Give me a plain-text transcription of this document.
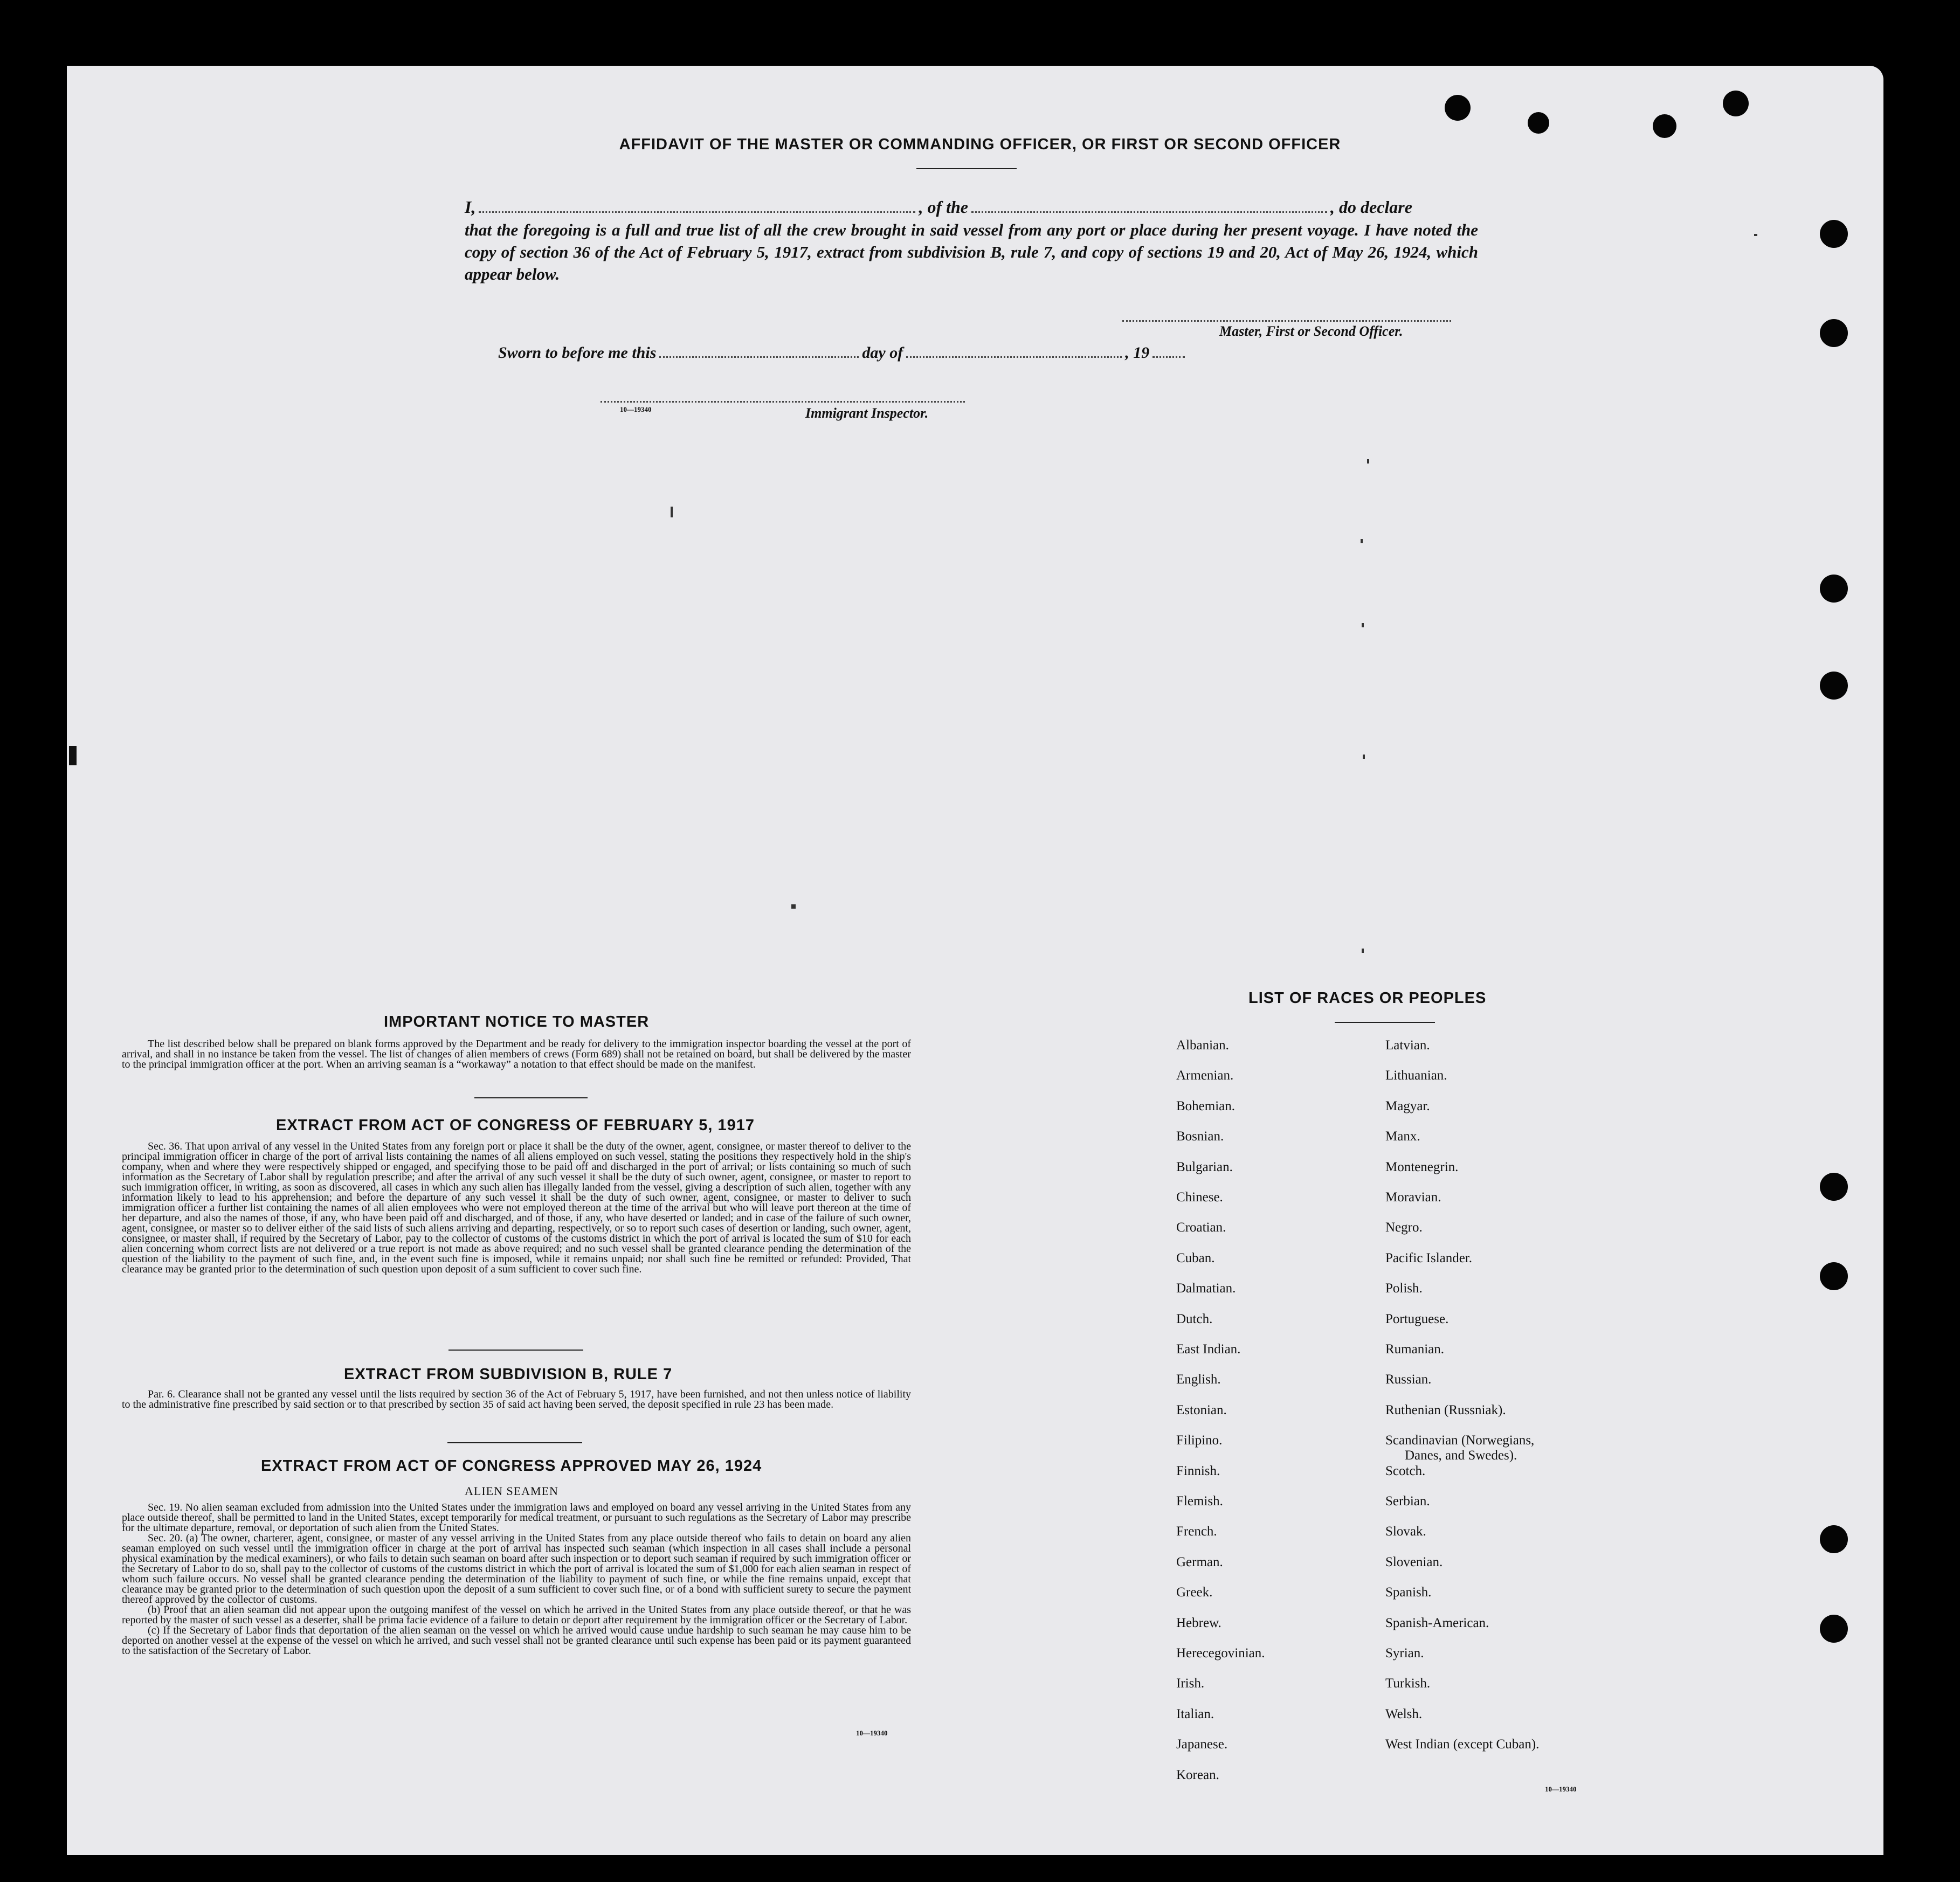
AFFIDAVIT OF THE MASTER OR COMMANDING OFFICER, OR FIRST OR SECOND OFFICER
I,	, of the	, do declare
that the foregoing is a full and true list of all the crew brought in said vessel from any port or place during her present voyage. I have noted the copy of section 36 of the Act of February 5, 1917, extract from subdivision B, rule 7, and copy of sections 19 and 20, Act of May 26, 1924, which appear below.
Master, First or Second Officer.
Sworn to before me this	day of	, 19
10—19340	Immigrant Inspector.
IMPORTANT NOTICE TO MASTER

The list described below shall be prepared on blank forms approved by the Department and be ready for delivery to the immigration inspector boarding the vessel at the port of arrival, and shall in no instance be taken from the vessel. The list of changes of alien members of crews (Form 689) shall not be retained on board, but shall be delivered by the master to the principal immigration officer at the port. When an arriving seaman is a “workaway” a notation to that effect should be made on the manifest.

EXTRACT FROM ACT OF CONGRESS OF FEBRUARY 5, 1917

Sec. 36. That upon arrival of any vessel in the United States from any foreign port or place it shall be the duty of the owner, agent, consignee, or master thereof to deliver to the principal immigration officer in charge of the port of arrival lists containing the names of all aliens employed on such vessel, stating the positions they respectively hold in the ship's company, when and where they were respectively shipped or engaged, and specifying those to be paid off and discharged in the port of arrival; or lists containing so much of such information as the Secretary of Labor shall by regulation prescribe; and after the arrival of any such vessel it shall be the duty of such owner, agent, consignee, or master to report to such immigration officer, in writing, as soon as discovered, all cases in which any such alien has illegally landed from the vessel, giving a description of such alien, together with any information likely to lead to his apprehension; and before the departure of any such vessel it shall be the duty of such owner, agent, consignee, or master to deliver to such immigration officer a further list containing the names of all alien employees who were not employed thereon at the time of the arrival but who will leave port thereon at the time of her departure, and also the names of those, if any, who have been paid off and discharged, and of those, if any, who have deserted or landed; and in case of the failure of such owner, agent, consignee, or master so to deliver either of the said lists of such aliens arriving and departing, respectively, or so to report such cases of desertion or landing, such owner, agent, consignee, or master shall, if required by the Secretary of Labor, pay to the collector of customs of the customs district in which the port of arrival is located the sum of $10 for each alien concerning whom correct lists are not delivered or a true report is not made as above required; and no such vessel shall be granted clearance pending the determination of the question of the liability to the payment of such fine, and, in the event such fine is imposed, while it remains unpaid; nor shall such fine be remitted or refunded: Provided, That clearance may be granted prior to the determination of such question upon deposit of a sum sufficient to cover such fine.

EXTRACT FROM SUBDIVISION B, RULE 7

Par. 6. Clearance shall not be granted any vessel until the lists required by section 36 of the Act of February 5, 1917, have been furnished, and not then unless notice of liability to the administrative fine prescribed by said section or to that prescribed by section 35 of said act having been served, the deposit specified in rule 23 has been made.

EXTRACT FROM ACT OF CONGRESS APPROVED MAY 26, 1924
ALIEN SEAMEN

Sec. 19. No alien seaman excluded from admission into the United States under the immigration laws and employed on board any vessel arriving in the United States from any place outside thereof, shall be permitted to land in the United States, except temporarily for medical treatment, or pursuant to such regulations as the Secretary of Labor may prescribe for the ultimate departure, removal, or deportation of such alien from the United States.

Sec. 20. (a) The owner, charterer, agent, consignee, or master of any vessel arriving in the United States from any place outside thereof who fails to detain on board any alien seaman employed on such vessel until the immigration officer in charge at the port of arrival has inspected such seaman (which inspection in all cases shall include a personal physical examination by the medical examiners), or who fails to detain such seaman on board after such inspection or to deport such seaman if required by such immigration officer or the Secretary of Labor to do so, shall pay to the collector of customs of the customs district in which the port of arrival is located the sum of $1,000 for each alien seaman in respect of whom such failure occurs. No vessel shall be granted clearance pending the determination of the liability to payment of such fine, or while the fine remains unpaid, except that clearance may be granted prior to the determination of such question upon the deposit of a sum sufficient to cover such fine, or of a bond with sufficient surety to secure the payment thereof approved by the collector of customs.

(b) Proof that an alien seaman did not appear upon the outgoing manifest of the vessel on which he arrived in the United States from any place outside thereof, or that he was reported by the master of such vessel as a deserter, shall be prima facie evidence of a failure to detain or deport after requirement by the immigration officer or the Secretary of Labor.

(c) If the Secretary of Labor finds that deportation of the alien seaman on the vessel on which he arrived would cause undue hardship to such seaman he may cause him to be deported on another vessel at the expense of the vessel on which he arrived, and such vessel shall not be granted clearance until such expense has been paid or its payment guaranteed to the satisfaction of the Secretary of Labor.

10—19340
LIST OF RACES OR PEOPLES
Albanian.
Armenian.
Bohemian.
Bosnian.
Bulgarian.
Chinese.
Croatian.
Cuban.
Dalmatian.
Dutch.
East Indian.
English.
Estonian.
Filipino.
Finnish.
Flemish.
French.
German.
Greek.
Hebrew.
Herecegovinian.
Irish.
Italian.
Japanese.
Korean.
Latvian.
Lithuanian.
Magyar.
Manx.
Montenegrin.
Moravian.
Negro.
Pacific Islander.
Polish.
Portuguese.
Rumanian.
Russian.
Ruthenian (Russniak).
Scandinavian (Norwegians,
Danes, and Swedes).
Scotch.
Serbian.
Slovak.
Slovenian.
Spanish.
Spanish-American.
Syrian.
Turkish.
Welsh.
West Indian (except Cuban).
10—19340
